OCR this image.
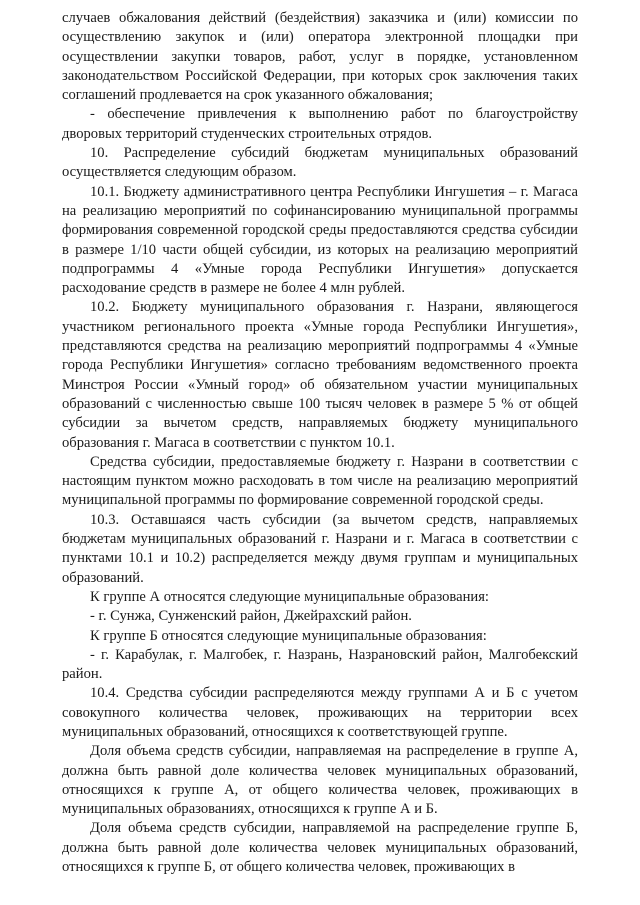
случаев обжалования действий (бездействия) заказчика и (или) комиссии по осуществлению закупок и (или) оператора электронной площадки при осуществлении закупки товаров, работ, услуг в порядке, установленном законодательством Российской Федерации, при которых срок заключения таких соглашений продлевается на срок указанного обжалования;

- обеспечение привлечения к выполнению работ по благоустройству дворовых территорий студенческих строительных отрядов.

10. Распределение субсидий бюджетам муниципальных образований осуществляется следующим образом.

10.1. Бюджету административного центра Республики Ингушетия – г. Магаса на реализацию мероприятий по софинансированию муниципальной программы формирования современной городской среды предоставляются средства субсидии в размере 1/10 части общей субсидии, из которых на реализацию мероприятий подпрограммы 4 «Умные города Республики Ингушетия» допускается расходование средств в размере не более 4 млн рублей.

10.2. Бюджету муниципального образования г. Назрани, являющегося участником регионального проекта «Умные города Республики Ингушетия», представляются средства на реализацию мероприятий подпрограммы 4 «Умные города Республики Ингушетия» согласно требованиям ведомственного проекта Минстроя России «Умный город» об обязательном участии муниципальных образований с численностью свыше 100 тысяч человек в размере 5 % от общей субсидии за вычетом средств, направляемых бюджету муниципального образования г. Магаса в соответствии с пунктом 10.1.

Средства субсидии, предоставляемые бюджету г. Назрани в соответствии с настоящим пунктом можно расходовать в том числе на реализацию мероприятий муниципальной программы по формирование современной городской среды.

10.3. Оставшаяся часть субсидии (за вычетом средств, направляемых бюджетам муниципальных образований г. Назрани и г. Магаса в соответствии с пунктами 10.1 и 10.2) распределяется между двумя группам и муниципальных образований.

К группе А относятся следующие муниципальные образования:

- г. Сунжа, Сунженский район, Джейрахский район.

К группе Б относятся следующие муниципальные образования:

- г. Карабулак, г. Малгобек, г. Назрань, Назрановский район, Малгобекский район.

10.4. Средства субсидии распределяются между группами А и Б с учетом совокупного количества человек, проживающих на территории всех муниципальных образований, относящихся к соответствующей группе.

Доля объема средств субсидии, направляемая на распределение в группе А, должна быть равной доле количества человек муниципальных образований, относящихся к группе А, от общего количества человек, проживающих в муниципальных образованиях, относящихся к группе А и Б.

Доля объема средств субсидии, направляемой на распределение группе Б, должна быть равной доле количества человек муниципальных образований, относящихся к группе Б, от общего количества человек, проживающих в
